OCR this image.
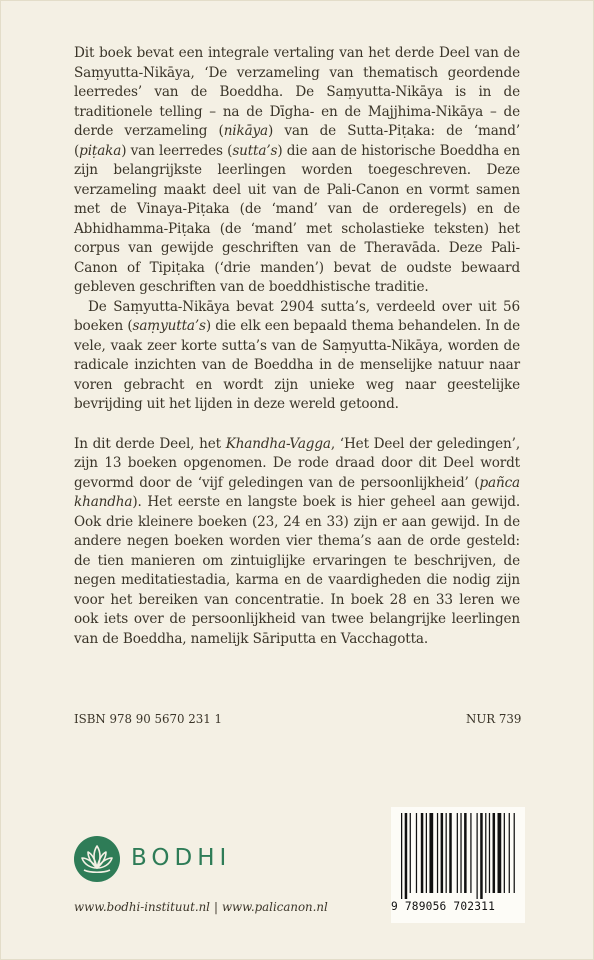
Dit boek bevat een integrale vertaling van het derde Deel van de Saṃyutta-Nikāya, ‘De verzameling van thematisch geordende leerredes’ van de Boeddha. De Saṃyutta-Nikāya is in de traditionele telling – na de Dīgha- en de Majjhima-Nikāya – de derde verzameling (nikāya) van de Sutta-Piṭaka: de ‘mand’ (piṭaka) van leerredes (sutta’s) die aan de historische Boeddha en zijn belangrijkste leerlingen worden toegeschreven. Deze verzameling maakt deel uit van de Pali-Canon en vormt samen met de Vinaya-Piṭaka (de ‘mand’ van de orderegels) en de Abhidhamma-Piṭaka (de ‘mand’ met scholastieke teksten) het corpus van gewijde geschriften van de Theravāda. Deze Pali-Canon of Tipiṭaka (‘drie manden’) bevat de oudste bewaard gebleven geschriften van de boeddhistische traditie.

De Saṃyutta-Nikāya bevat 2904 sutta’s, verdeeld over uit 56 boeken (saṃyutta’s) die elk een bepaald thema behandelen. In de vele, vaak zeer korte sutta’s van de Saṃyutta-Nikāya, worden de radicale inzichten van de Boeddha in de menselijke natuur naar voren gebracht en wordt zijn unieke weg naar geestelijke bevrijding uit het lijden in deze wereld getoond.

In dit derde Deel, het Khandha-Vagga, ‘Het Deel der geledingen’, zijn 13 boeken opgenomen. De rode draad door dit Deel wordt gevormd door de ‘vijf geledingen van de persoonlijkheid’ (pañca khandha). Het eerste en langste boek is hier geheel aan gewijd. Ook drie kleinere boeken (23, 24 en 33) zijn er aan gewijd. In de andere negen boeken worden vier thema’s aan de orde gesteld: de tien manieren om zintuiglijke ervaringen te beschrijven, de negen meditatiestadia, karma en de vaardigheden die nodig zijn voor het bereiken van concentratie. In boek 28 en 33 leren we ook iets over de persoonlijkheid van twee belangrijke leerlingen van de Boeddha, namelijk Sāriputta en Vacchagotta.

ISBN 978 90 5670 231 1	NUR 739
BODHI
www.bodhi-instituut.nl | www.palicanon.nl	9 789056 702311
